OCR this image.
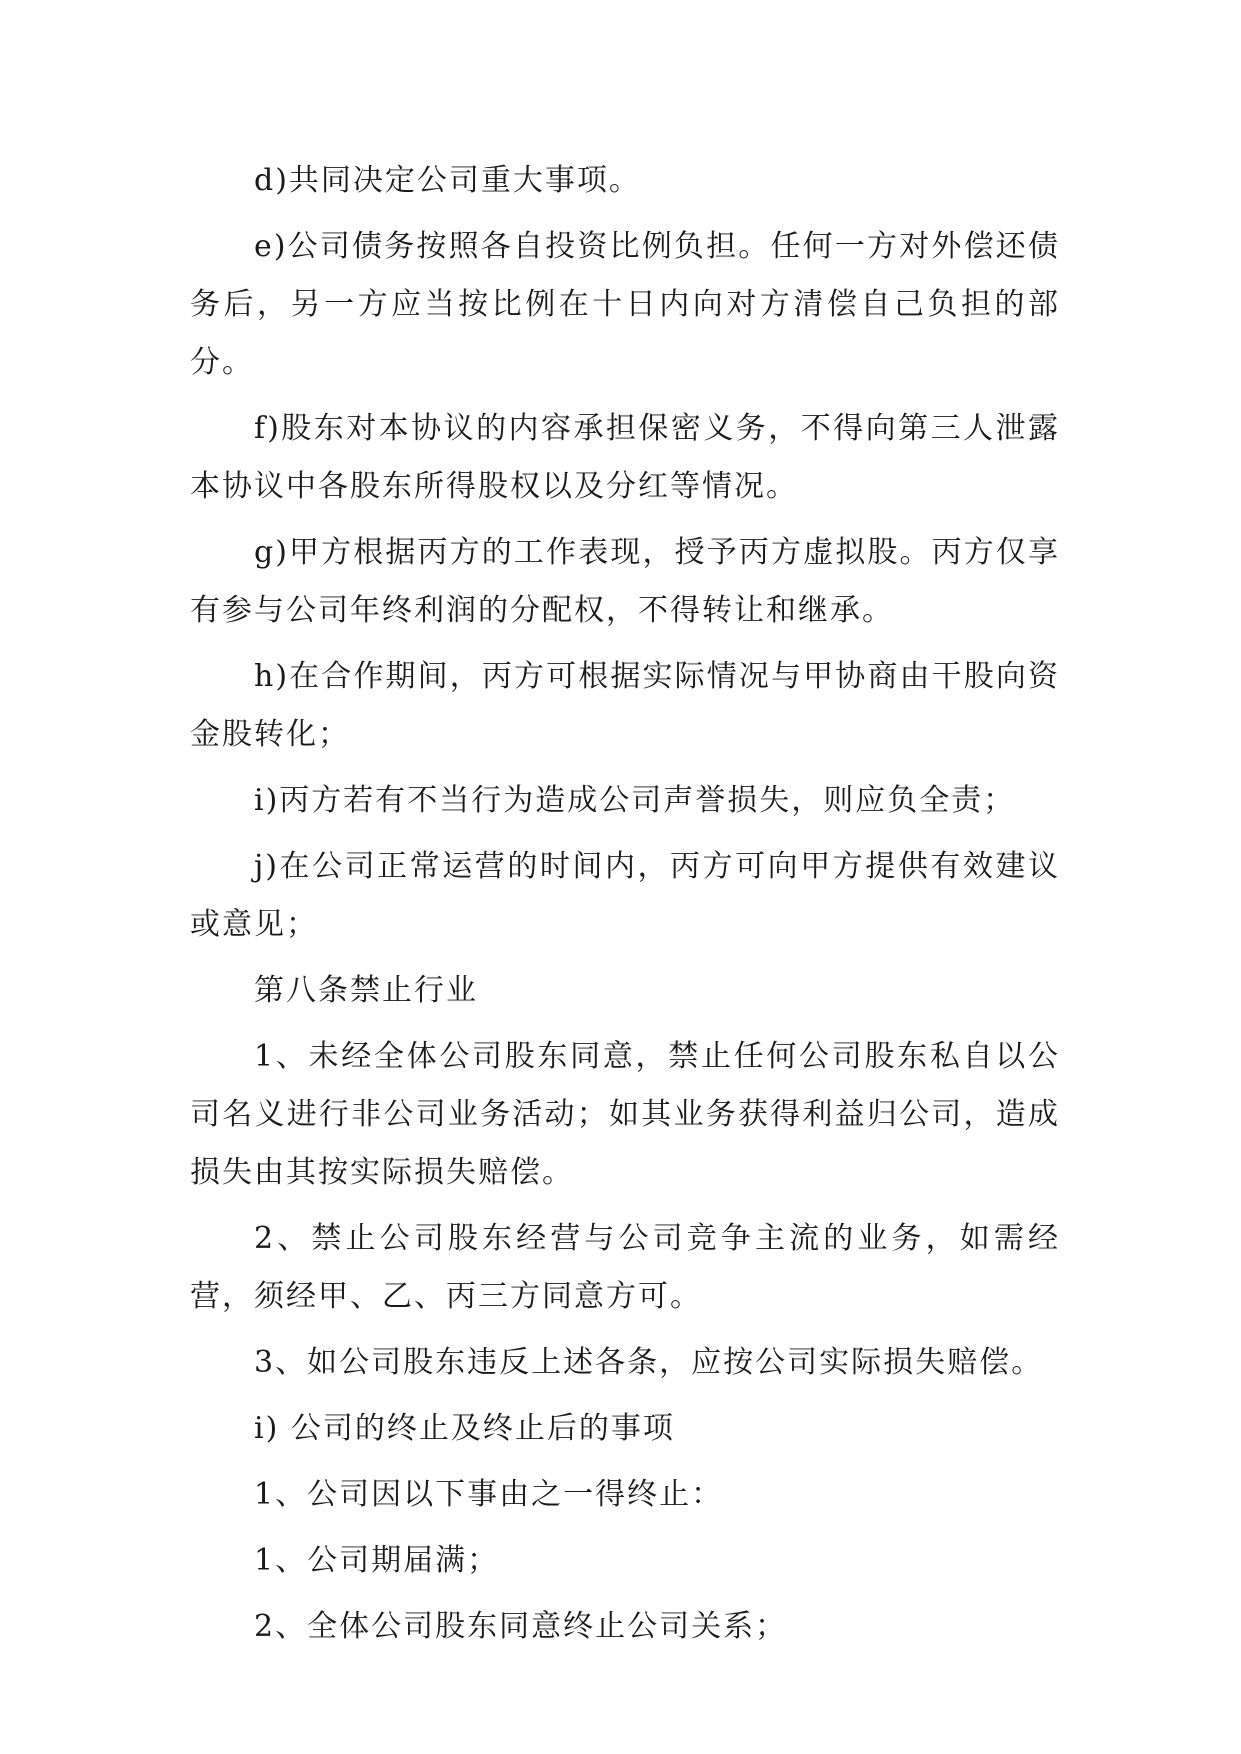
d)共同决定公司重大事项。

e)公司债务按照各自投资比例负担。任何一方对外偿还债务后，另一方应当按比例在十日内向对方清偿自己负担的部分。

f)股东对本协议的内容承担保密义务，不得向第三人泄露本协议中各股东所得股权以及分红等情况。

g)甲方根据丙方的工作表现，授予丙方虚拟股。丙方仅享有参与公司年终利润的分配权，不得转让和继承。

h)在合作期间，丙方可根据实际情况与甲协商由干股向资金股转化；

i)丙方若有不当行为造成公司声誉损失，则应负全责；

j)在公司正常运营的时间内，丙方可向甲方提供有效建议或意见；

第八条禁止行业

1、未经全体公司股东同意，禁止任何公司股东私自以公司名义进行非公司业务活动；如其业务获得利益归公司，造成损失由其按实际损失赔偿。

2、禁止公司股东经营与公司竞争主流的业务，如需经营，须经甲、乙、丙三方同意方可。

3、如公司股东违反上述各条，应按公司实际损失赔偿。

i) 公司的终止及终止后的事项

1、公司因以下事由之一得终止：

1、公司期届满；

2、全体公司股东同意终止公司关系；
